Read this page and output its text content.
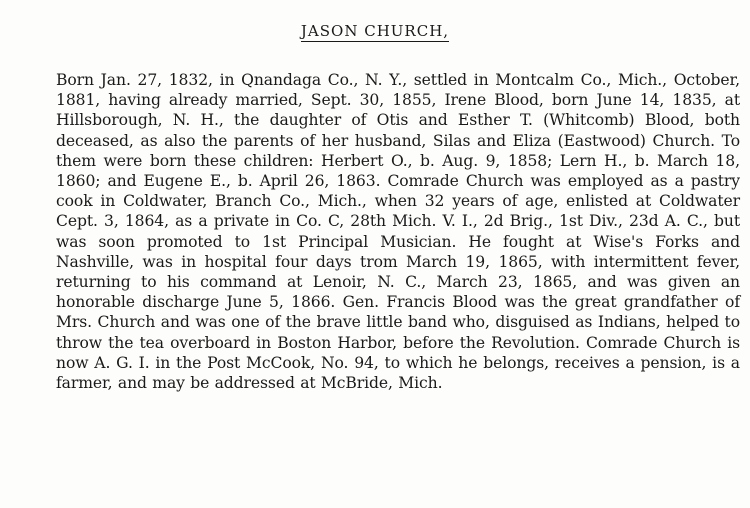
JASON CHURCH,

Born Jan. 27, 1832, in Qnandaga Co., N. Y., settled in Montcalm Co., Mich., October, 1881, having already married, Sept. 30, 1855, Irene Blood, born June 14, 1835, at Hillsborough, N. H., the daughter of Otis and Esther T. (Whitcomb) Blood, both deceased, as also the parents of her husband, Silas and Eliza (Eastwood) Church. To them were born these children: Herbert O., b. Aug. 9, 1858; Lern H., b. March 18, 1860; and Eugene E., b. April 26, 1863. Comrade Church was employed as a pastry cook in Coldwater, Branch Co., Mich., when 32 years of age, enlisted at Coldwater Cept. 3, 1864, as a private in Co. C, 28th Mich. V. I., 2d Brig., 1st Div., 23d A. C., but was soon promoted to 1st Principal Musician. He fought at Wise's Forks and Nashville, was in hospital four days trom March 19, 1865, with intermittent fever, returning to his command at Lenoir, N. C., March 23, 1865, and was given an honorable discharge June 5, 1866. Gen. Francis Blood was the great grandfather of Mrs. Church and was one of the brave little band who, disguised as Indians, helped to throw the tea overboard in Boston Harbor, before the Revolution. Comrade Church is now A. G. I. in the Post McCook, No. 94, to which he belongs, receives a pension, is a farmer, and may be addressed at McBride, Mich.
